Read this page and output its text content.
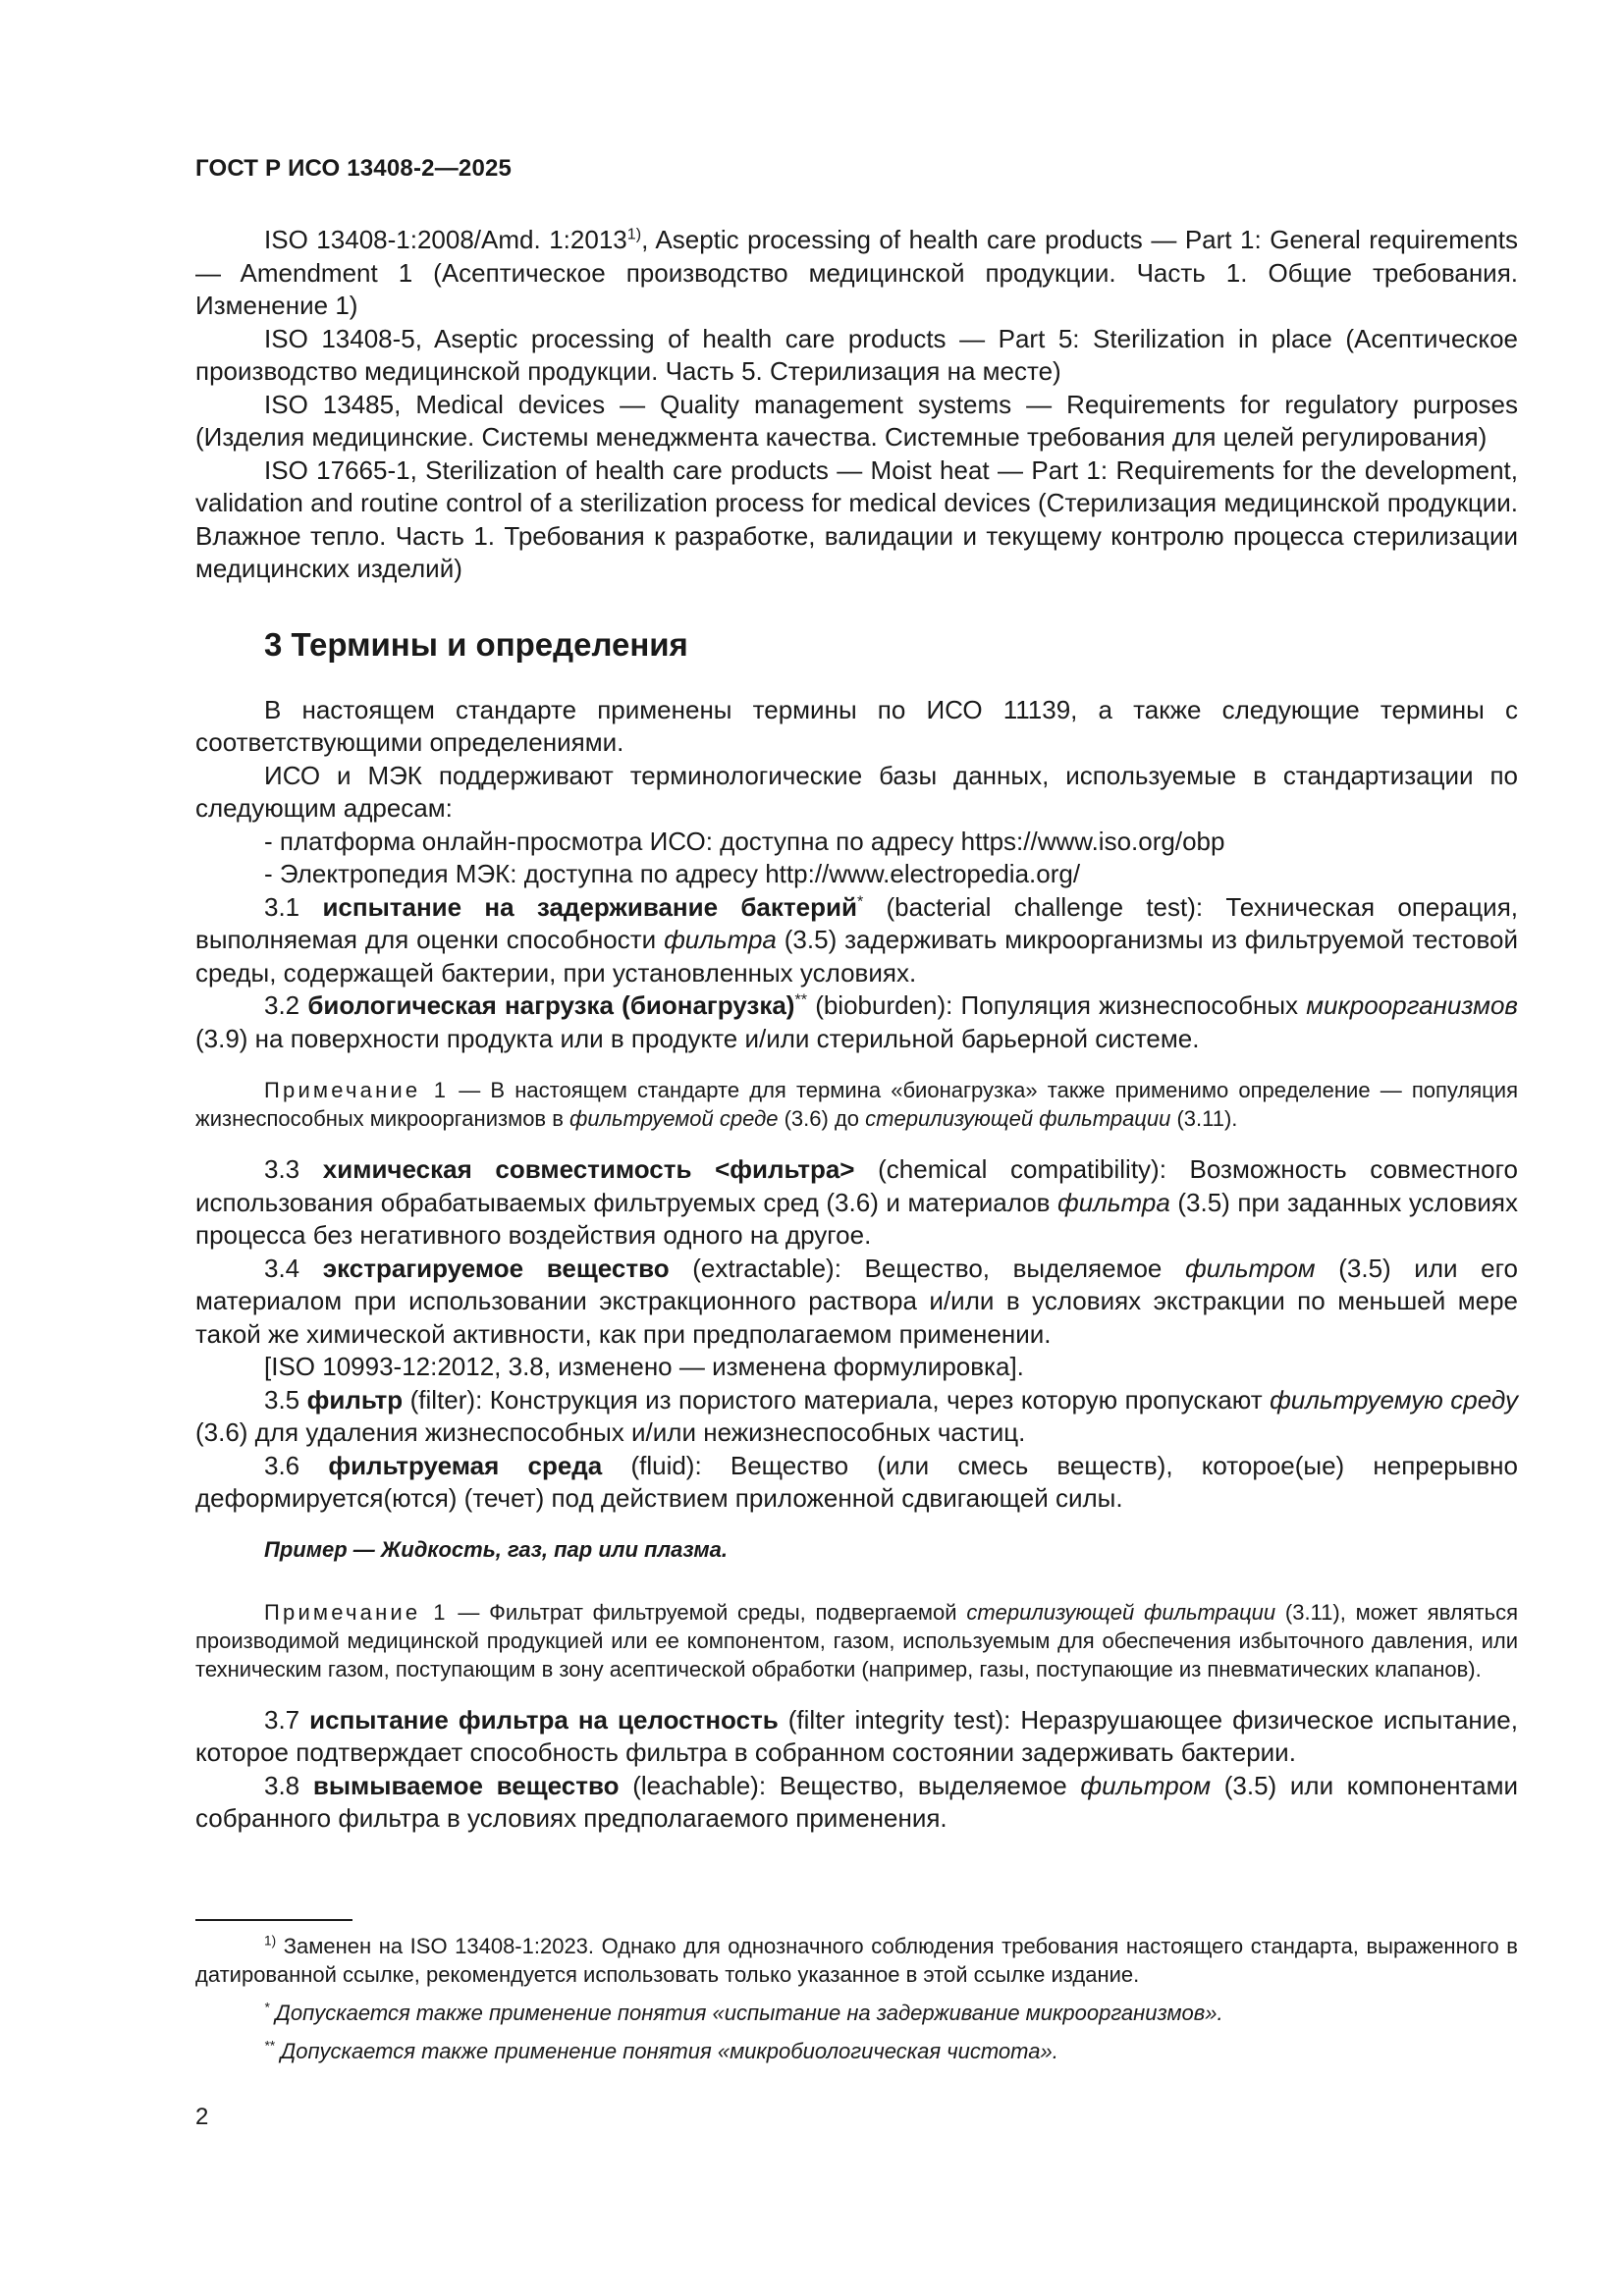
ГОСТ Р ИСО 13408-2—2025

ISO 13408-1:2008/Amd. 1:2013$^{1)}$, Aseptic processing of health care products — Part 1: General requirements — Amendment 1 (Асептическое производство медицинской продукции. Часть 1. Общие требования. Изменение 1)

ISO 13408-5, Aseptic processing of health care products — Part 5: Sterilization in place (Асептическое производство медицинской продукции. Часть 5. Стерилизация на месте)

ISO 13485, Medical devices — Quality management systems — Requirements for regulatory purposes (Изделия медицинские. Системы менеджмента качества. Системные требования для целей регулирования)

ISO 17665-1, Sterilization of health care products — Moist heat — Part 1: Requirements for the development, validation and routine control of a sterilization process for medical devices (Стерилизация медицинской продукции. Влажное тепло. Часть 1. Требования к разработке, валидации и текущему контролю процесса стерилизации медицинских изделий)

3 Термины и определения

В настоящем стандарте применены термины по ИСО 11139, а также следующие термины с соответствующими определениями.

ИСО и МЭК поддерживают терминологические базы данных, используемые в стандартизации по следующим адресам:

- платформа онлайн-просмотра ИСО: доступна по адресу https://www.iso.org/obp

- Электропедия МЭК: доступна по адресу http://www.electropedia.org/

3.1 испытание на задерживание бактерий* (bacterial challenge test): Техническая операция, выполняемая для оценки способности фильтра (3.5) задерживать микроорганизмы из фильтруемой тестовой среды, содержащей бактерии, при установленных условиях.

3.2 биологическая нагрузка (бионагрузка)** (bioburden): Популяция жизнеспособных микроорганизмов (3.9) на поверхности продукта или в продукте и/или стерильной барьерной системе.

Примечание 1 — В настоящем стандарте для термина «бионагрузка» также применимо определение — популяция жизнеспособных микроорганизмов в фильтруемой среде (3.6) до стерилизующей фильтрации (3.11).

3.3 химическая совместимость <фильтра> (chemical compatibility): Возможность совместного использования обрабатываемых фильтруемых сред (3.6) и материалов фильтра (3.5) при заданных условиях процесса без негативного воздействия одного на другое.

3.4 экстрагируемое вещество (extractable): Вещество, выделяемое фильтром (3.5) или его материалом при использовании экстракционного раствора и/или в условиях экстракции по меньшей мере такой же химической активности, как при предполагаемом применении.

[ISO 10993-12:2012, 3.8, изменено — изменена формулировка].

3.5 фильтр (filter): Конструкция из пористого материала, через которую пропускают фильтруемую среду (3.6) для удаления жизнеспособных и/или нежизнеспособных частиц.

3.6 фильтруемая среда (fluid): Вещество (или смесь веществ), которое(ые) непрерывно деформируется(ются) (течет) под действием приложенной сдвигающей силы.

Пример — Жидкость, газ, пар или плазма.
Примечание 1 — Фильтрат фильтруемой среды, подвергаемой стерилизующей фильтрации (3.11), может являться производимой медицинской продукцией или ее компонентом, газом, используемым для обеспечения избыточного давления, или техническим газом, поступающим в зону асептической обработки (например, газы, поступающие из пневматических клапанов).

3.7 испытание фильтра на целостность (filter integrity test): Неразрушающее физическое испытание, которое подтверждает способность фильтра в собранном состоянии задерживать бактерии.

3.8 вымываемое вещество (leachable): Вещество, выделяемое фильтром (3.5) или компонентами собранного фильтра в условиях предполагаемого применения.

$^{1)}$ Заменен на ISO 13408-1:2023. Однако для однозначного соблюдения требования настоящего стандарта, выраженного в датированной ссылке, рекомендуется использовать только указанное в этой ссылке издание.

* Допускается также применение понятия «испытание на задерживание микроорганизмов».

** Допускается также применение понятия «микробиологическая чистота».

2
